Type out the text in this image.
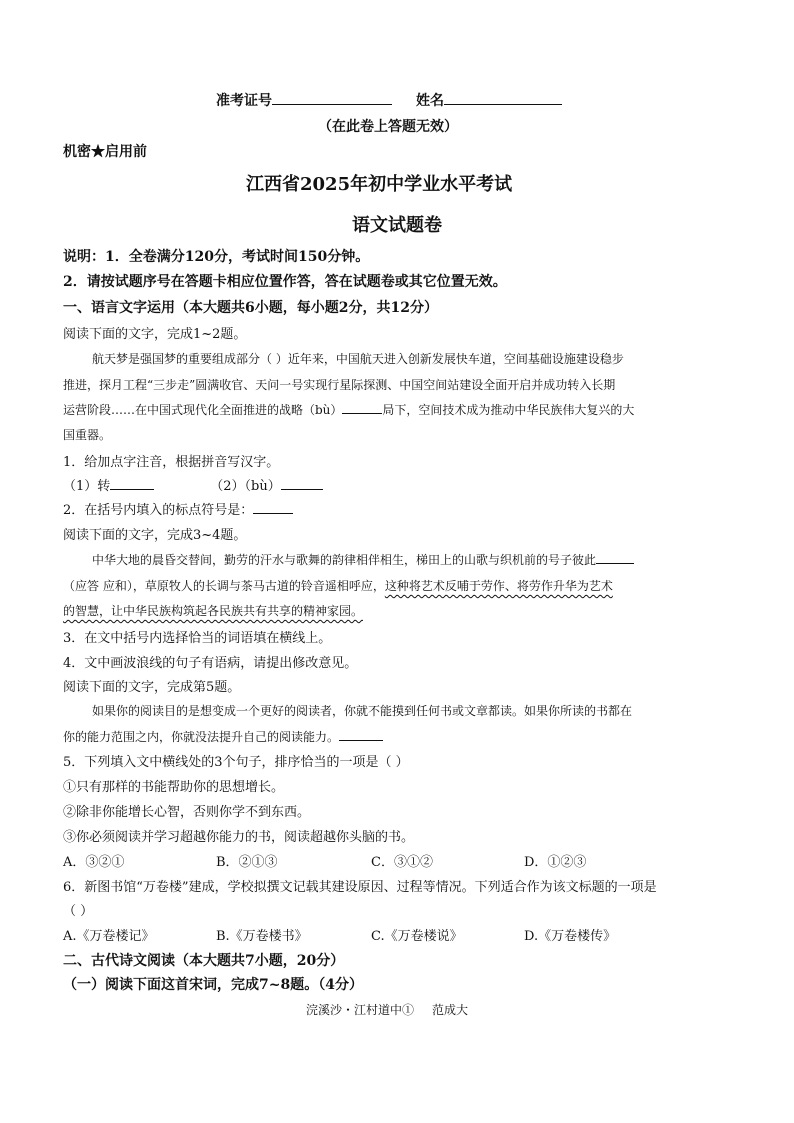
准考证号	姓名
（在此卷上答题无效）
机密★启用前
江西省2025年初中学业水平考试
语文试题卷
说明：1．全卷满分120分，考试时间150分钟。
2．请按试题序号在答题卡相应位置作答，答在试题卷或其它位置无效。
一、语言文字运用（本大题共6小题，每小题2分，共12分）
阅读下面的文字，完成1~2题。
航天梦是强国梦的重要组成部分（ ）近年来，中国航天进入创新发展快车道，空间基础设施建设稳步
推进，探月工程“三步走”圆满收官、天问一号实现行星际探测、中国空间站建设全面开启并成功转入长期
运营阶段……在中国式现代化全面推进的战略（bù）	局下，空间技术成为推动中华民族伟大复兴的大
国重器。
1．给加点字注音，根据拼音写汉字。
（1）转	（2）（bù）
2．在括号内填入的标点符号是：
阅读下面的文字，完成3~4题。
中华大地的晨昏交替间，勤劳的汗水与歌舞的韵律相伴相生，梯田上的山歌与织机前的号子彼此
（应答 应和），草原牧人的长调与茶马古道的铃音遥相呼应，这种将艺术反哺于劳作、将劳作升华为艺术
的智慧，让中华民族构筑起各民族共有共享的精神家园。
3．在文中括号内选择恰当的词语填在横线上。
4．文中画波浪线的句子有语病，请提出修改意见。
阅读下面的文字，完成第5题。
如果你的阅读目的是想变成一个更好的阅读者，你就不能摸到任何书或文章都读。如果你所读的书都在
你的能力范围之内，你就没法提升自己的阅读能力。
5．下列填入文中横线处的3个句子，排序恰当的一项是（ ）
①只有那样的书能帮助你的思想增长。
②除非你能增长心智，否则你学不到东西。
③你必须阅读并学习超越你能力的书，阅读超越你头脑的书。
A．③②①	B．②①③	C．③①②	D．①②③
6．新图书馆“万卷楼”建成，学校拟撰文记载其建设原因、过程等情况。下列适合作为该文标题的一项是
（ ）
A.《万卷楼记》	B.《万卷楼书》	C.《万卷楼说》	D.《万卷楼传》
二、古代诗文阅读（本大题共7小题，20分）
（一）阅读下面这首宋词，完成7~8题。（4分）
浣溪沙・江村道中① 范成大
